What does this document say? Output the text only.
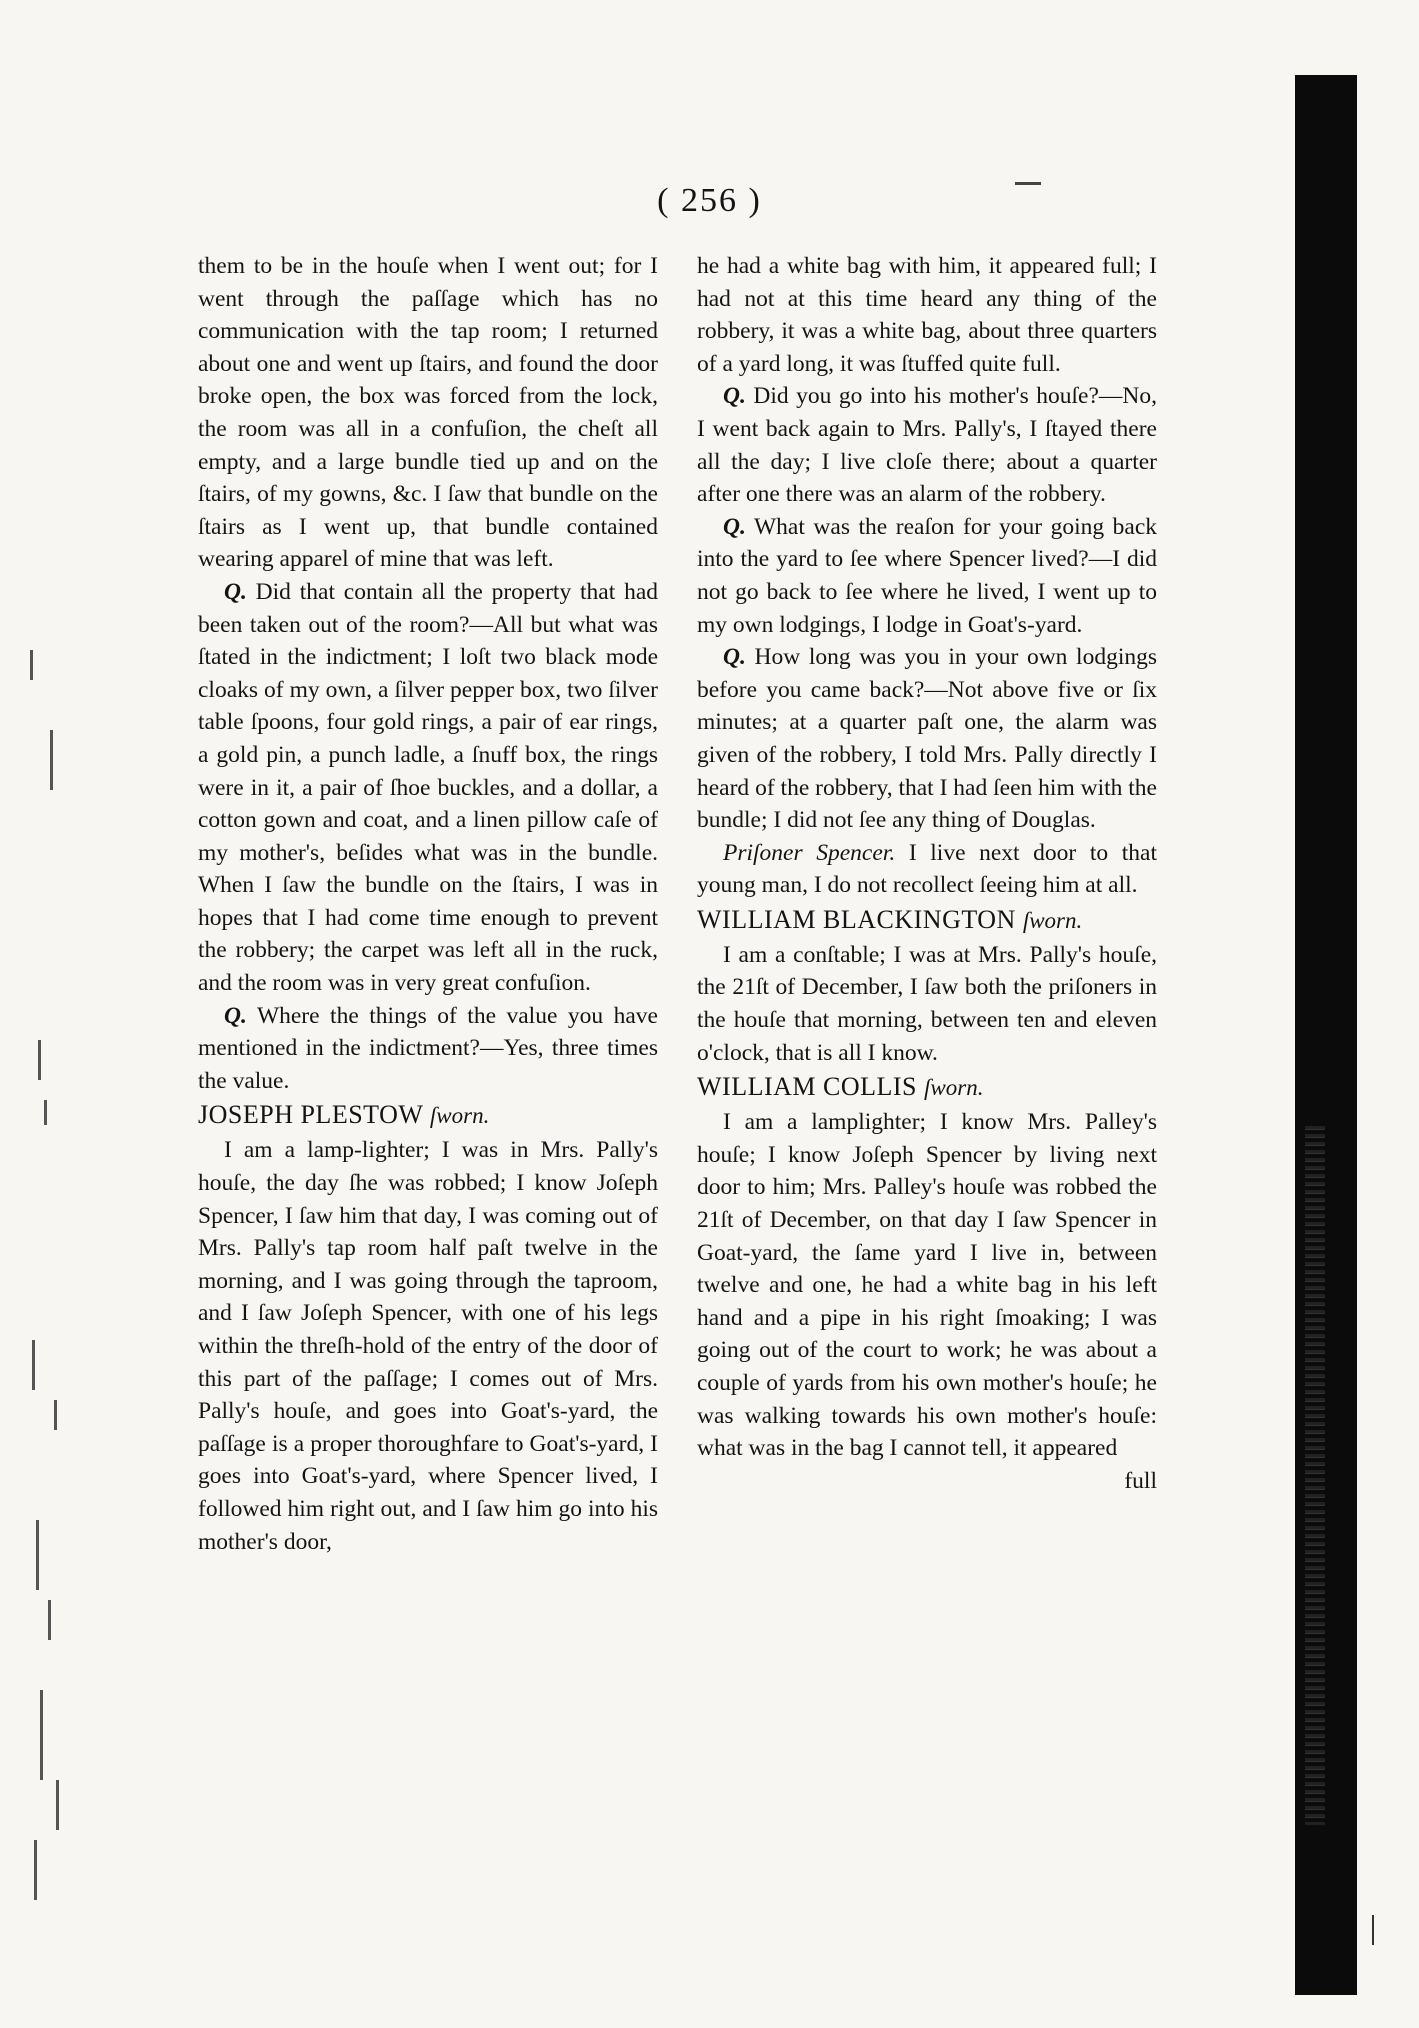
( 256 )

them to be in the houſe when I went out; for I went through the paſſage which has no communication with the tap room; I returned about one and went up ſtairs, and found the door broke open, the box was forced from the lock, the room was all in a confuſion, the cheſt all empty, and a large bundle tied up and on the ſtairs, of my gowns, &c. I ſaw that bundle on the ſtairs as I went up, that bundle contained wearing apparel of mine that was left.

Q. Did that contain all the property that had been taken out of the room?—All but what was ſtated in the indictment; I loſt two black mode cloaks of my own, a ſilver pepper box, two ſilver table ſpoons, four gold rings, a pair of ear rings, a gold pin, a punch ladle, a ſnuff box, the rings were in it, a pair of ſhoe buckles, and a dollar, a cotton gown and coat, and a linen pillow caſe of my mother's, beſides what was in the bundle. When I ſaw the bundle on the ſtairs, I was in hopes that I had come time enough to prevent the robbery; the carpet was left all in the ruck, and the room was in very great confuſion.

Q. Where the things of the value you have mentioned in the indictment?—Yes, three times the value.

JOSEPH PLESTOW ſworn.

I am a lamp-lighter; I was in Mrs. Pally's houſe, the day ſhe was robbed; I know Joſeph Spencer, I ſaw him that day, I was coming out of Mrs. Pally's tap room half paſt twelve in the morning, and I was going through the taproom, and I ſaw Joſeph Spencer, with one of his legs within the threſh-hold of the entry of the door of this part of the paſſage; I comes out of Mrs. Pally's houſe, and goes into Goat's-yard, the paſſage is a proper thoroughfare to Goat's-yard, I goes into Goat's-yard, where Spencer lived, I followed him right out, and I ſaw him go into his mother's door,

he had a white bag with him, it appeared full; I had not at this time heard any thing of the robbery, it was a white bag, about three quarters of a yard long, it was ſtuffed quite full.

Q. Did you go into his mother's houſe?—No, I went back again to Mrs. Pally's, I ſtayed there all the day; I live cloſe there; about a quarter after one there was an alarm of the robbery.

Q. What was the reaſon for your going back into the yard to ſee where Spencer lived?—I did not go back to ſee where he lived, I went up to my own lodgings, I lodge in Goat's-yard.

Q. How long was you in your own lodgings before you came back?—Not above five or ſix minutes; at a quarter paſt one, the alarm was given of the robbery, I told Mrs. Pally directly I heard of the robbery, that I had ſeen him with the bundle; I did not ſee any thing of Douglas.

Priſoner Spencer. I live next door to that young man, I do not recollect ſeeing him at all.

WILLIAM BLACKINGTON ſworn.

I am a conſtable; I was at Mrs. Pally's houſe, the 21ſt of December, I ſaw both the priſoners in the houſe that morning, between ten and eleven o'clock, that is all I know.

WILLIAM COLLIS ſworn.

I am a lamplighter; I know Mrs. Palley's houſe; I know Joſeph Spencer by living next door to him; Mrs. Palley's houſe was robbed the 21ſt of December, on that day I ſaw Spencer in Goat-yard, the ſame yard I live in, between twelve and one, he had a white bag in his left hand and a pipe in his right ſmoaking; I was going out of the court to work; he was about a couple of yards from his own mother's houſe; he was walking towards his own mother's houſe: what was in the bag I cannot tell, it appeared

full
